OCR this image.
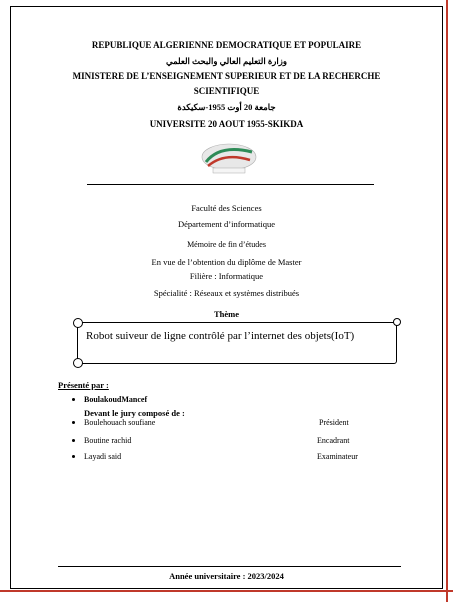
REPUBLIQUE ALGERIENNE DEMOCRATIQUE ET POPULAIRE
وزارة التعليم العالي والبحث العلمي
MINISTERE DE L’ENSEIGNEMENT SUPERIEUR ET DE LA RECHERCHE
SCIENTIFIQUE
جامعة 20 أوت 1955-سكيكدة
UNIVERSITE 20 AOUT 1955-SKIKDA
Faculté des Sciences
Département d’informatique
Mémoire de fin d’études
En vue de l’obtention du diplôme de Master
Filière : Informatique
Spécialité : Réseaux et systèmes distribués
Thème
Robot suiveur de ligne contrôlé par l’internet des objets(IoT)
Présenté par :
BoulakoudMancef
Devant le jury composé de :
Boulehouach soufiane	Président
Boutine rachid	Encadrant
Layadi said	Examinateur
Année universitaire : 2023/2024
